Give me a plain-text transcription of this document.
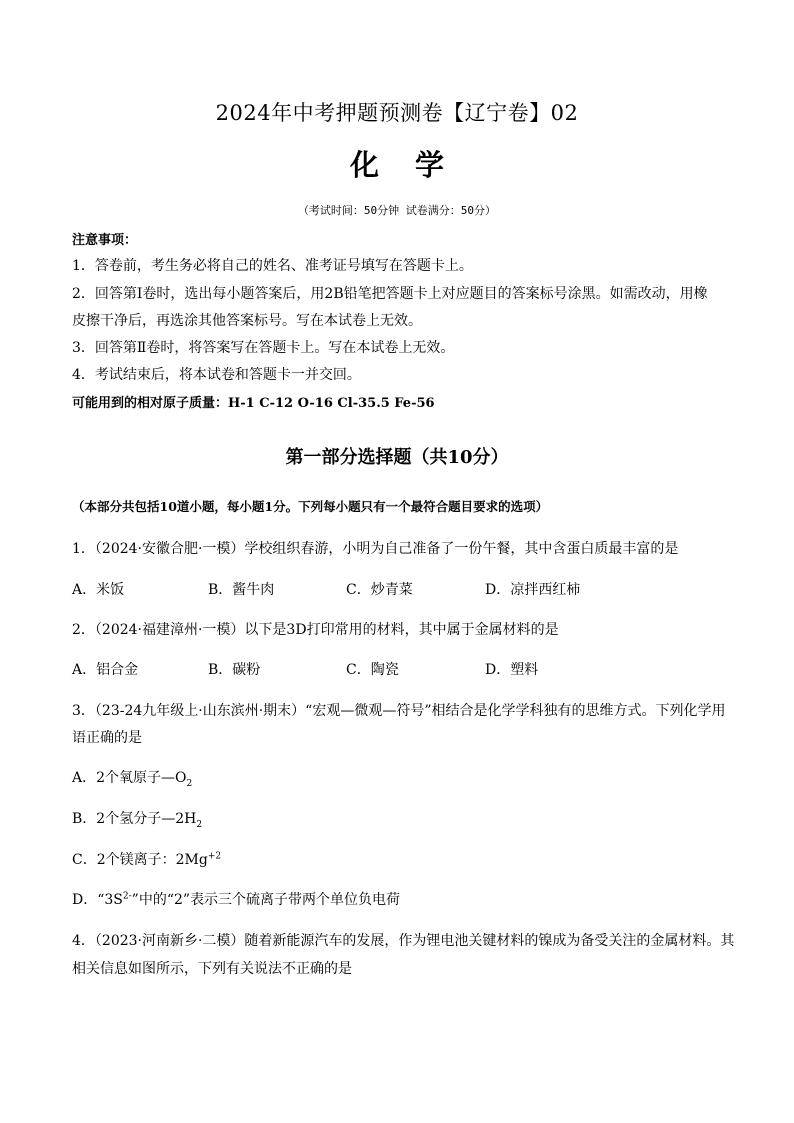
2024年中考押题预测卷【辽宁卷】02
化 学
（考试时间：50分钟 试卷满分：50分）
注意事项：
1．答卷前，考生务必将自己的姓名、准考证号填写在答题卡上。
2．回答第Ⅰ卷时，选出每小题答案后，用2B铅笔把答题卡上对应题目的答案标号涂黑。如需改动，用橡
皮擦干净后，再选涂其他答案标号。写在本试卷上无效。
3．回答第Ⅱ卷时，将答案写在答题卡上。写在本试卷上无效。
4．考试结束后，将本试卷和答题卡一并交回。
可能用到的相对原子质量：H-1 C-12 O-16 Cl-35.5 Fe-56
第一部分选择题（共10分）
（本部分共包括10道小题，每小题1分。下列每小题只有一个最符合题目要求的选项）
1．（2024·安徽合肥·一模）学校组织春游，小明为自己准备了一份午餐，其中含蛋白质最丰富的是
A．米饭	B．酱牛肉	C．炒青菜	D．凉拌西红柿
2．（2024·福建漳州·一模）以下是3D打印常用的材料，其中属于金属材料的是
A．铝合金	B．碳粉	C．陶瓷	D．塑料
3．（23-24九年级上·山东滨州·期末）“宏观—微观—符号”相结合是化学学科独有的思维方式。下列化学用
语正确的是
A．2个氧原子$—O_2$
B．2个氢分子$—2H_2$
C．2个镁离子：$2Mg^{+2}$
D．“$3S^{2-}$”中的“2”表示三个硫离子带两个单位负电荷
4．（2023·河南新乡·二模）随着新能源汽车的发展，作为锂电池关键材料的镍成为备受关注的金属材料。其
相关信息如图所示，下列有关说法不正确的是
